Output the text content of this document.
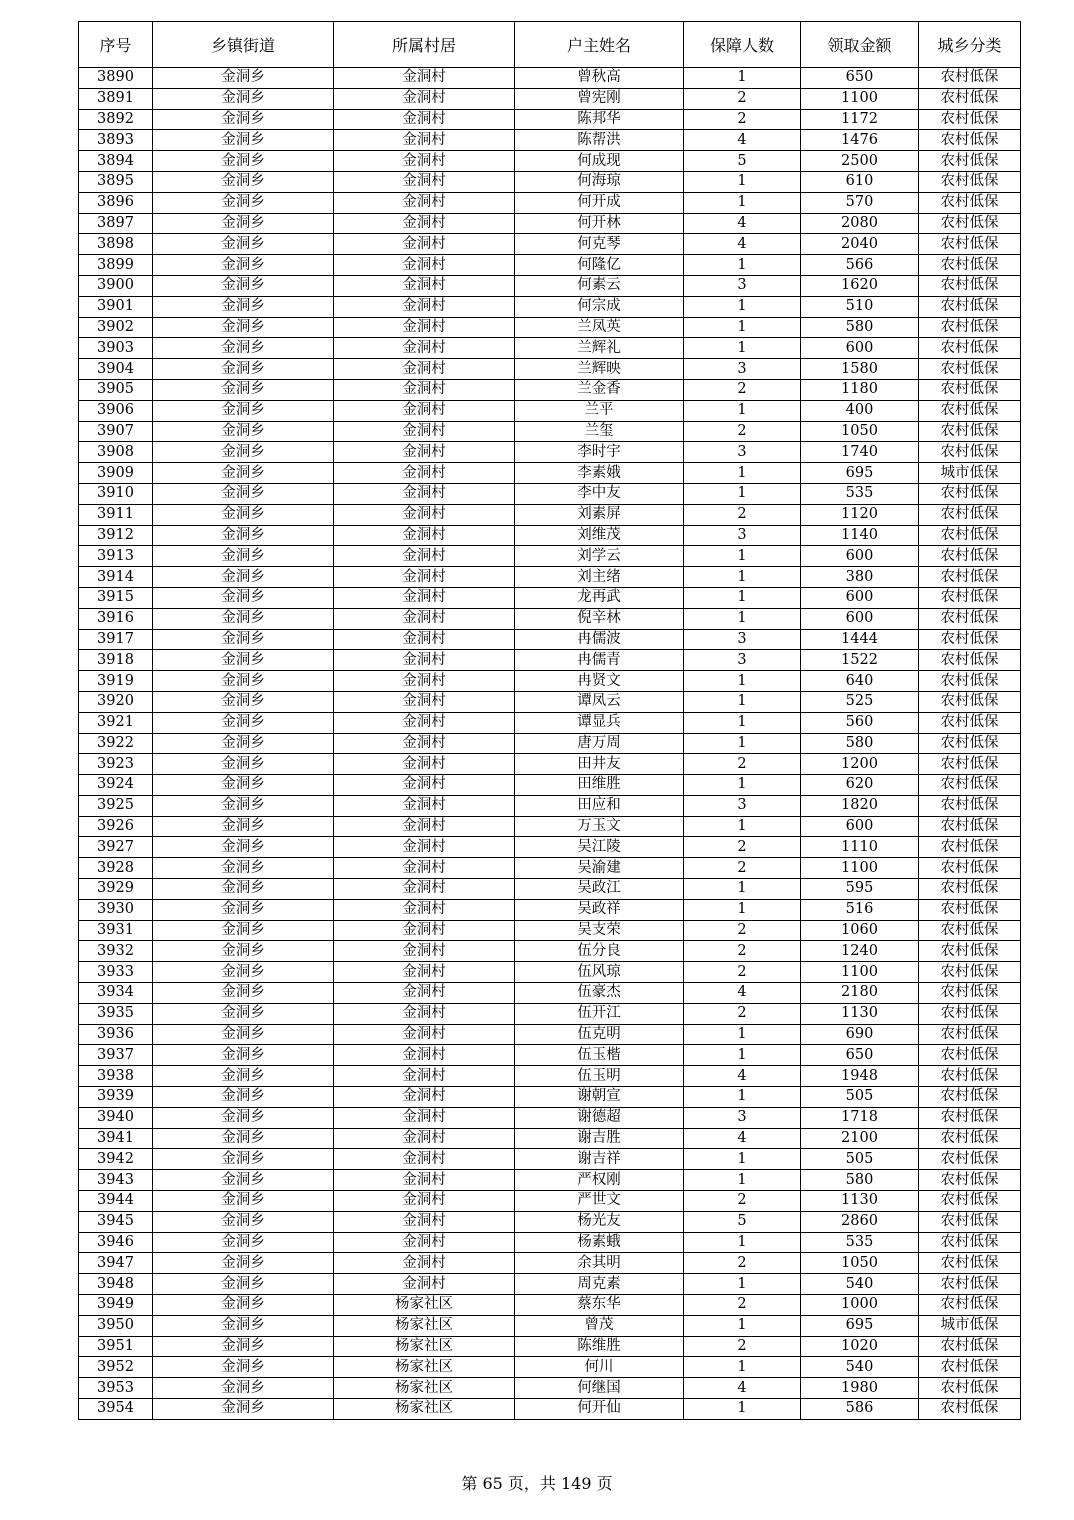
序号	乡镇街道	所属村居	户主姓名	保障人数	领取金额	城乡分类
3890	金洞乡	金洞村	曾秋高	1	650	农村低保
3891	金洞乡	金洞村	曾宪刚	2	1100	农村低保
3892	金洞乡	金洞村	陈邦华	2	1172	农村低保
3893	金洞乡	金洞村	陈帮洪	4	1476	农村低保
3894	金洞乡	金洞村	何成现	5	2500	农村低保
3895	金洞乡	金洞村	何海琼	1	610	农村低保
3896	金洞乡	金洞村	何开成	1	570	农村低保
3897	金洞乡	金洞村	何开林	4	2080	农村低保
3898	金洞乡	金洞村	何克琴	4	2040	农村低保
3899	金洞乡	金洞村	何隆亿	1	566	农村低保
3900	金洞乡	金洞村	何素云	3	1620	农村低保
3901	金洞乡	金洞村	何宗成	1	510	农村低保
3902	金洞乡	金洞村	兰凤英	1	580	农村低保
3903	金洞乡	金洞村	兰辉礼	1	600	农村低保
3904	金洞乡	金洞村	兰辉映	3	1580	农村低保
3905	金洞乡	金洞村	兰金香	2	1180	农村低保
3906	金洞乡	金洞村	兰平	1	400	农村低保
3907	金洞乡	金洞村	兰玺	2	1050	农村低保
3908	金洞乡	金洞村	李时宇	3	1740	农村低保
3909	金洞乡	金洞村	李素娥	1	695	城市低保
3910	金洞乡	金洞村	李中友	1	535	农村低保
3911	金洞乡	金洞村	刘素屏	2	1120	农村低保
3912	金洞乡	金洞村	刘维茂	3	1140	农村低保
3913	金洞乡	金洞村	刘学云	1	600	农村低保
3914	金洞乡	金洞村	刘主绪	1	380	农村低保
3915	金洞乡	金洞村	龙再武	1	600	农村低保
3916	金洞乡	金洞村	倪辛林	1	600	农村低保
3917	金洞乡	金洞村	冉儒波	3	1444	农村低保
3918	金洞乡	金洞村	冉儒青	3	1522	农村低保
3919	金洞乡	金洞村	冉贤文	1	640	农村低保
3920	金洞乡	金洞村	谭凤云	1	525	农村低保
3921	金洞乡	金洞村	谭显兵	1	560	农村低保
3922	金洞乡	金洞村	唐万周	1	580	农村低保
3923	金洞乡	金洞村	田井友	2	1200	农村低保
3924	金洞乡	金洞村	田维胜	1	620	农村低保
3925	金洞乡	金洞村	田应和	3	1820	农村低保
3926	金洞乡	金洞村	万玉文	1	600	农村低保
3927	金洞乡	金洞村	吴江陵	2	1110	农村低保
3928	金洞乡	金洞村	吴渝建	2	1100	农村低保
3929	金洞乡	金洞村	吴政江	1	595	农村低保
3930	金洞乡	金洞村	吴政祥	1	516	农村低保
3931	金洞乡	金洞村	吴支荣	2	1060	农村低保
3932	金洞乡	金洞村	伍分良	2	1240	农村低保
3933	金洞乡	金洞村	伍风琼	2	1100	农村低保
3934	金洞乡	金洞村	伍豪杰	4	2180	农村低保
3935	金洞乡	金洞村	伍开江	2	1130	农村低保
3936	金洞乡	金洞村	伍克明	1	690	农村低保
3937	金洞乡	金洞村	伍玉楷	1	650	农村低保
3938	金洞乡	金洞村	伍玉明	4	1948	农村低保
3939	金洞乡	金洞村	谢朝宣	1	505	农村低保
3940	金洞乡	金洞村	谢德超	3	1718	农村低保
3941	金洞乡	金洞村	谢吉胜	4	2100	农村低保
3942	金洞乡	金洞村	谢吉祥	1	505	农村低保
3943	金洞乡	金洞村	严权刚	1	580	农村低保
3944	金洞乡	金洞村	严世文	2	1130	农村低保
3945	金洞乡	金洞村	杨光友	5	2860	农村低保
3946	金洞乡	金洞村	杨素蛾	1	535	农村低保
3947	金洞乡	金洞村	余其明	2	1050	农村低保
3948	金洞乡	金洞村	周克素	1	540	农村低保
3949	金洞乡	杨家社区	蔡东华	2	1000	农村低保
3950	金洞乡	杨家社区	曾茂	1	695	城市低保
3951	金洞乡	杨家社区	陈维胜	2	1020	农村低保
3952	金洞乡	杨家社区	何川	1	540	农村低保
3953	金洞乡	杨家社区	何继国	4	1980	农村低保
3954	金洞乡	杨家社区	何开仙	1	586	农村低保
第 65 页，共 149 页
